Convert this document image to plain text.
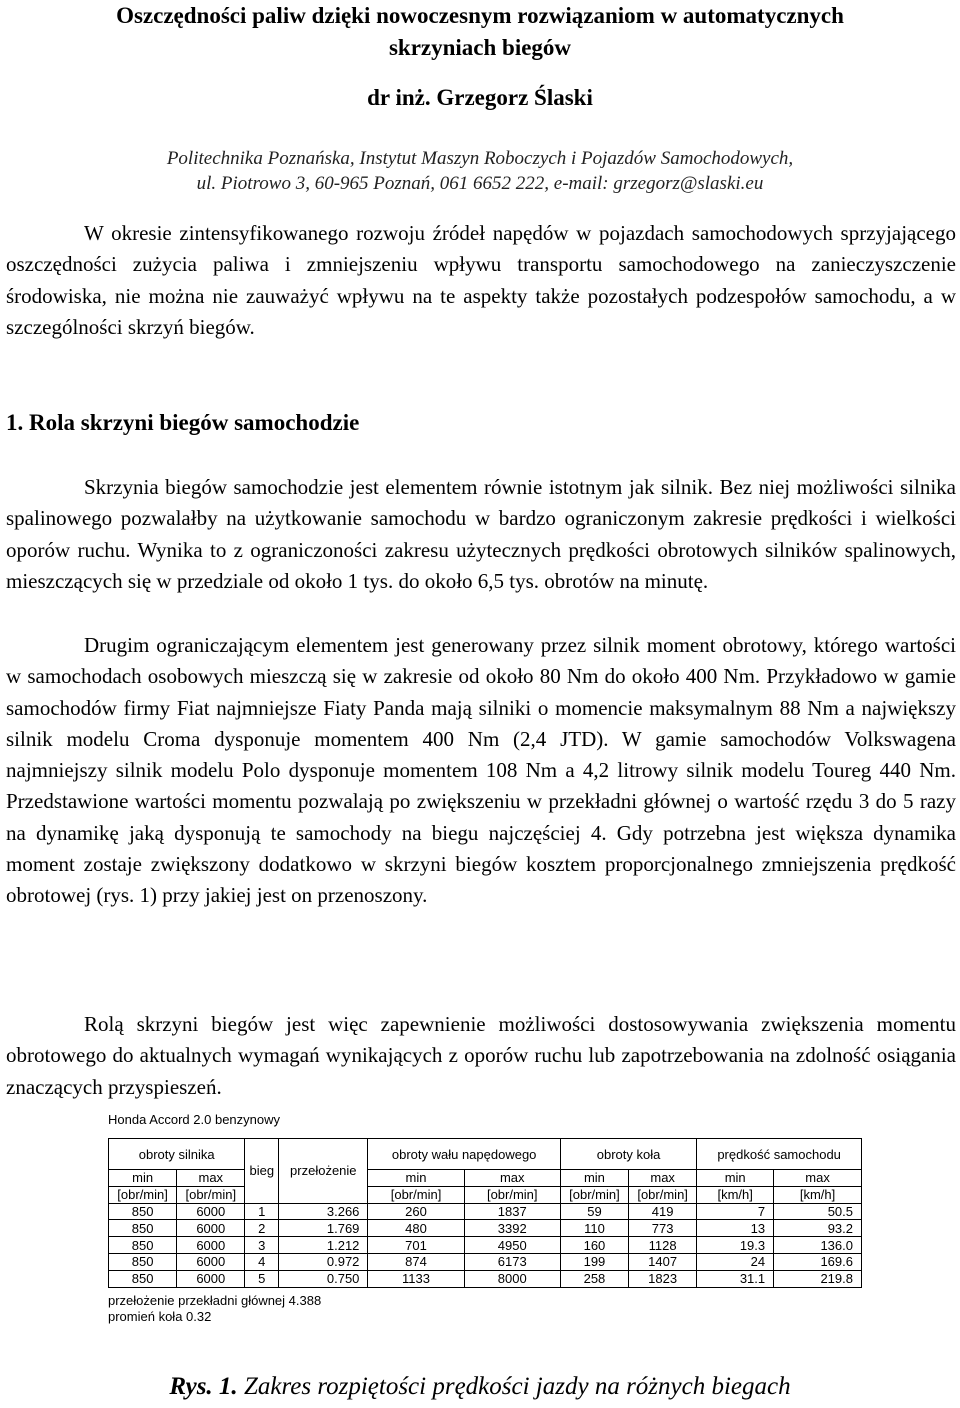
Oszczędności paliw dzięki nowoczesnym rozwiązaniom w automatycznych
skrzyniach biegów
dr inż. Grzegorz Ślaski
Politechnika Poznańska, Instytut Maszyn Roboczych i Pojazdów Samochodowych,
ul. Piotrowo 3, 60-965 Poznań, 061 6652 222, e-mail: grzegorz@slaski.eu
W okresie zintensyfikowanego rozwoju źródeł napędów w pojazdach samochodowych sprzyjającego oszczędności zużycia paliwa i zmniejszeniu wpływu transportu samochodowego na zanieczyszczenie środowiska, nie można nie zauważyć wpływu na te aspekty także pozostałych podzespołów samochodu, a w szczególności skrzyń biegów.
1. Rola skrzyni biegów samochodzie
Skrzynia biegów samochodzie jest elementem równie istotnym jak silnik. Bez niej możliwości silnika spalinowego pozwalałby na użytkowanie samochodu w bardzo ograniczonym zakresie prędkości i wielkości oporów ruchu. Wynika to z ograniczoności zakresu użytecznych prędkości obrotowych silników spalinowych, mieszczących się w przedziale od około 1 tys. do około 6,5 tys. obrotów na minutę.
Drugim ograniczającym elementem jest generowany przez silnik moment obrotowy, którego wartości w samochodach osobowych mieszczą się w zakresie od około 80 Nm do około 400 Nm. Przykładowo w gamie samochodów firmy Fiat najmniejsze Fiaty Panda mają silniki o momencie maksymalnym 88 Nm a największy silnik modelu Croma dysponuje momentem 400 Nm (2,4 JTD). W gamie samochodów Volkswagena najmniejszy silnik modelu Polo dysponuje momentem 108 Nm a 4,2 litrowy silnik modelu Toureg 440 Nm. Przedstawione wartości momentu pozwalają po zwiększeniu w przekładni głównej o wartość rzędu 3 do 5 razy na dynamikę jaką dysponują te samochody na biegu najczęściej 4. Gdy potrzebna jest większa dynamika moment zostaje zwiększony dodatkowo w skrzyni biegów kosztem proporcjonalnego zmniejszenia prędkość obrotowej (rys. 1) przy jakiej jest on przenoszony.
Rolą skrzyni biegów jest więc zapewnienie możliwości dostosowywania zwiększenia momentu obrotowego do aktualnych wymagań wynikających z oporów ruchu lub zapotrzebowania na zdolność osiągania znaczących przyspieszeń.
Honda Accord 2.0 benzynowy
obroty silnika		bieg	przełożenie	obroty wału napędowego		obroty koła		prędkość samochodu	
min	max			min	max	min	max	min	max
[obr/min]	[obr/min]			[obr/min]	[obr/min]	[obr/min]	[obr/min]	[km/h]	[km/h]
850	6000	1	3.266	260	1837	59	419	7	50.5
850	6000	2	1.769	480	3392	110	773	13	93.2
850	6000	3	1.212	701	4950	160	1128	19.3	136.0
850	6000	4	0.972	874	6173	199	1407	24	169.6
850	6000	5	0.750	1133	8000	258	1823	31.1	219.8
przełożenie przekładni głównej 4.388
promień koła 0.32
Rys. 1. Zakres rozpiętości prędkości jazdy na różnych biegach
